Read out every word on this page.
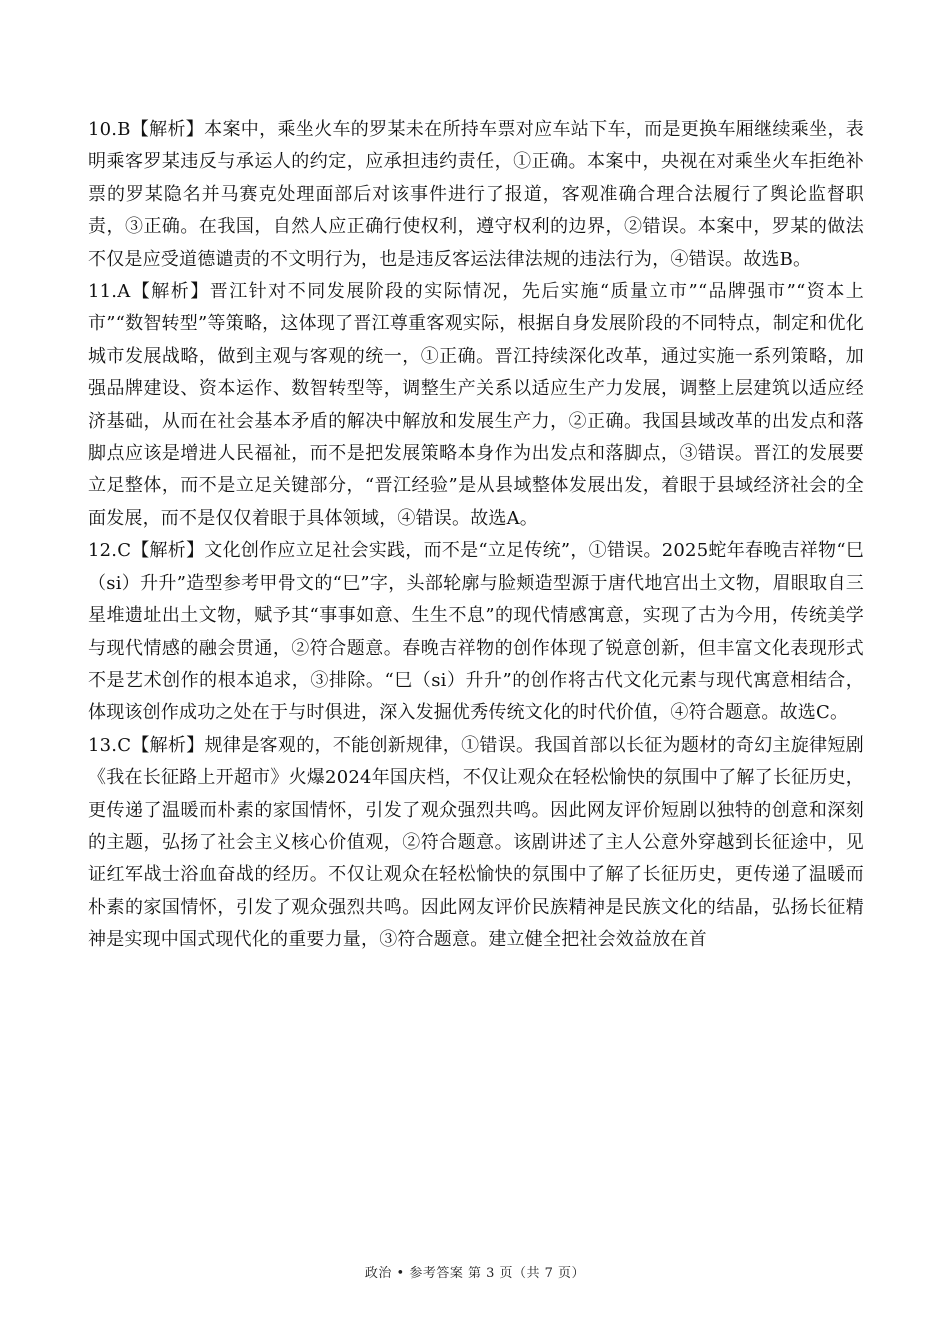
10.B【解析】本案中，乘坐火车的罗某未在所持车票对应车站下车，而是更换车厢继续乘坐，表明乘客罗某违反与承运人的约定，应承担违约责任，①正确。本案中，央视在对乘坐火车拒绝补票的罗某隐名并马赛克处理面部后对该事件进行了报道，客观准确合理合法履行了舆论监督职责，③正确。在我国，自然人应正确行使权利，遵守权利的边界，②错误。本案中，罗某的做法不仅是应受道德谴责的不文明行为，也是违反客运法律法规的违法行为，④错误。故选B。

11.A【解析】晋江针对不同发展阶段的实际情况，先后实施“质量立市”“品牌强市”“资本上市”“数智转型”等策略，这体现了晋江尊重客观实际，根据自身发展阶段的不同特点，制定和优化城市发展战略，做到主观与客观的统一，①正确。晋江持续深化改革，通过实施一系列策略，加强品牌建设、资本运作、数智转型等，调整生产关系以适应生产力发展，调整上层建筑以适应经济基础，从而在社会基本矛盾的解决中解放和发展生产力，②正确。我国县域改革的出发点和落脚点应该是增进人民福祉，而不是把发展策略本身作为出发点和落脚点，③错误。晋江的发展要立足整体，而不是立足关键部分，“晋江经验”是从县域整体发展出发，着眼于县域经济社会的全面发展，而不是仅仅着眼于具体领域，④错误。故选A。

12.C【解析】文化创作应立足社会实践，而不是“立足传统”，①错误。2025蛇年春晚吉祥物“巳（si）升升”造型参考甲骨文的“巳”字，头部轮廓与脸颊造型源于唐代地宫出土文物，眉眼取自三星堆遗址出土文物，赋予其“事事如意、生生不息”的现代情感寓意，实现了古为今用，传统美学与现代情感的融会贯通，②符合题意。春晚吉祥物的创作体现了锐意创新，但丰富文化表现形式不是艺术创作的根本追求，③排除。“巳（si）升升”的创作将古代文化元素与现代寓意相结合，体现该创作成功之处在于与时俱进，深入发掘优秀传统文化的时代价值，④符合题意。故选C。

13.C【解析】规律是客观的，不能创新规律，①错误。我国首部以长征为题材的奇幻主旋律短剧《我在长征路上开超市》火爆2024年国庆档，不仅让观众在轻松愉快的氛围中了解了长征历史，更传递了温暖而朴素的家国情怀，引发了观众强烈共鸣。因此网友评价短剧以独特的创意和深刻的主题，弘扬了社会主义核心价值观，②符合题意。该剧讲述了主人公意外穿越到长征途中，见证红军战士浴血奋战的经历。不仅让观众在轻松愉快的氛围中了解了长征历史，更传递了温暖而朴素的家国情怀，引发了观众强烈共鸣。因此网友评价民族精神是民族文化的结晶，弘扬长征精神是实现中国式现代化的重要力量，③符合题意。建立健全把社会效益放在首

政治 • 参考答案 第 3 页（共 7 页）
